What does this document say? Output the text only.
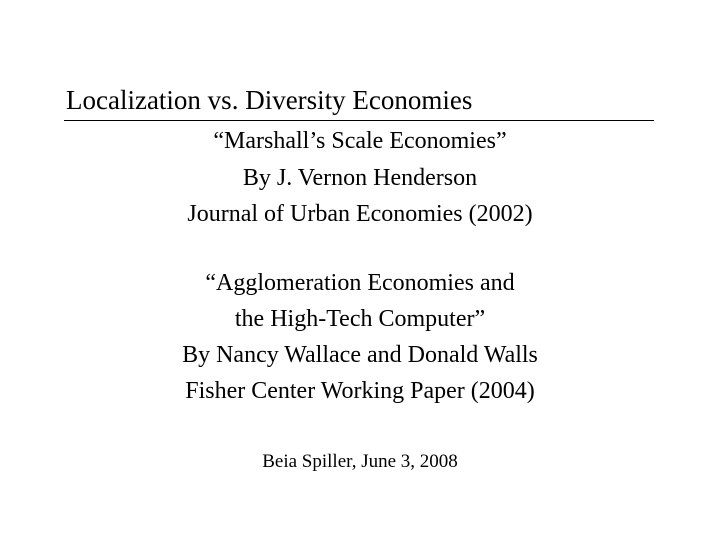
Localization vs. Diversity Economies
“Marshall’s Scale Economies”
By J. Vernon Henderson
Journal of Urban Economies (2002)
“Agglomeration Economies and
the High-Tech Computer”
By Nancy Wallace and Donald Walls
Fisher Center Working Paper (2004)
Beia Spiller, June 3, 2008
